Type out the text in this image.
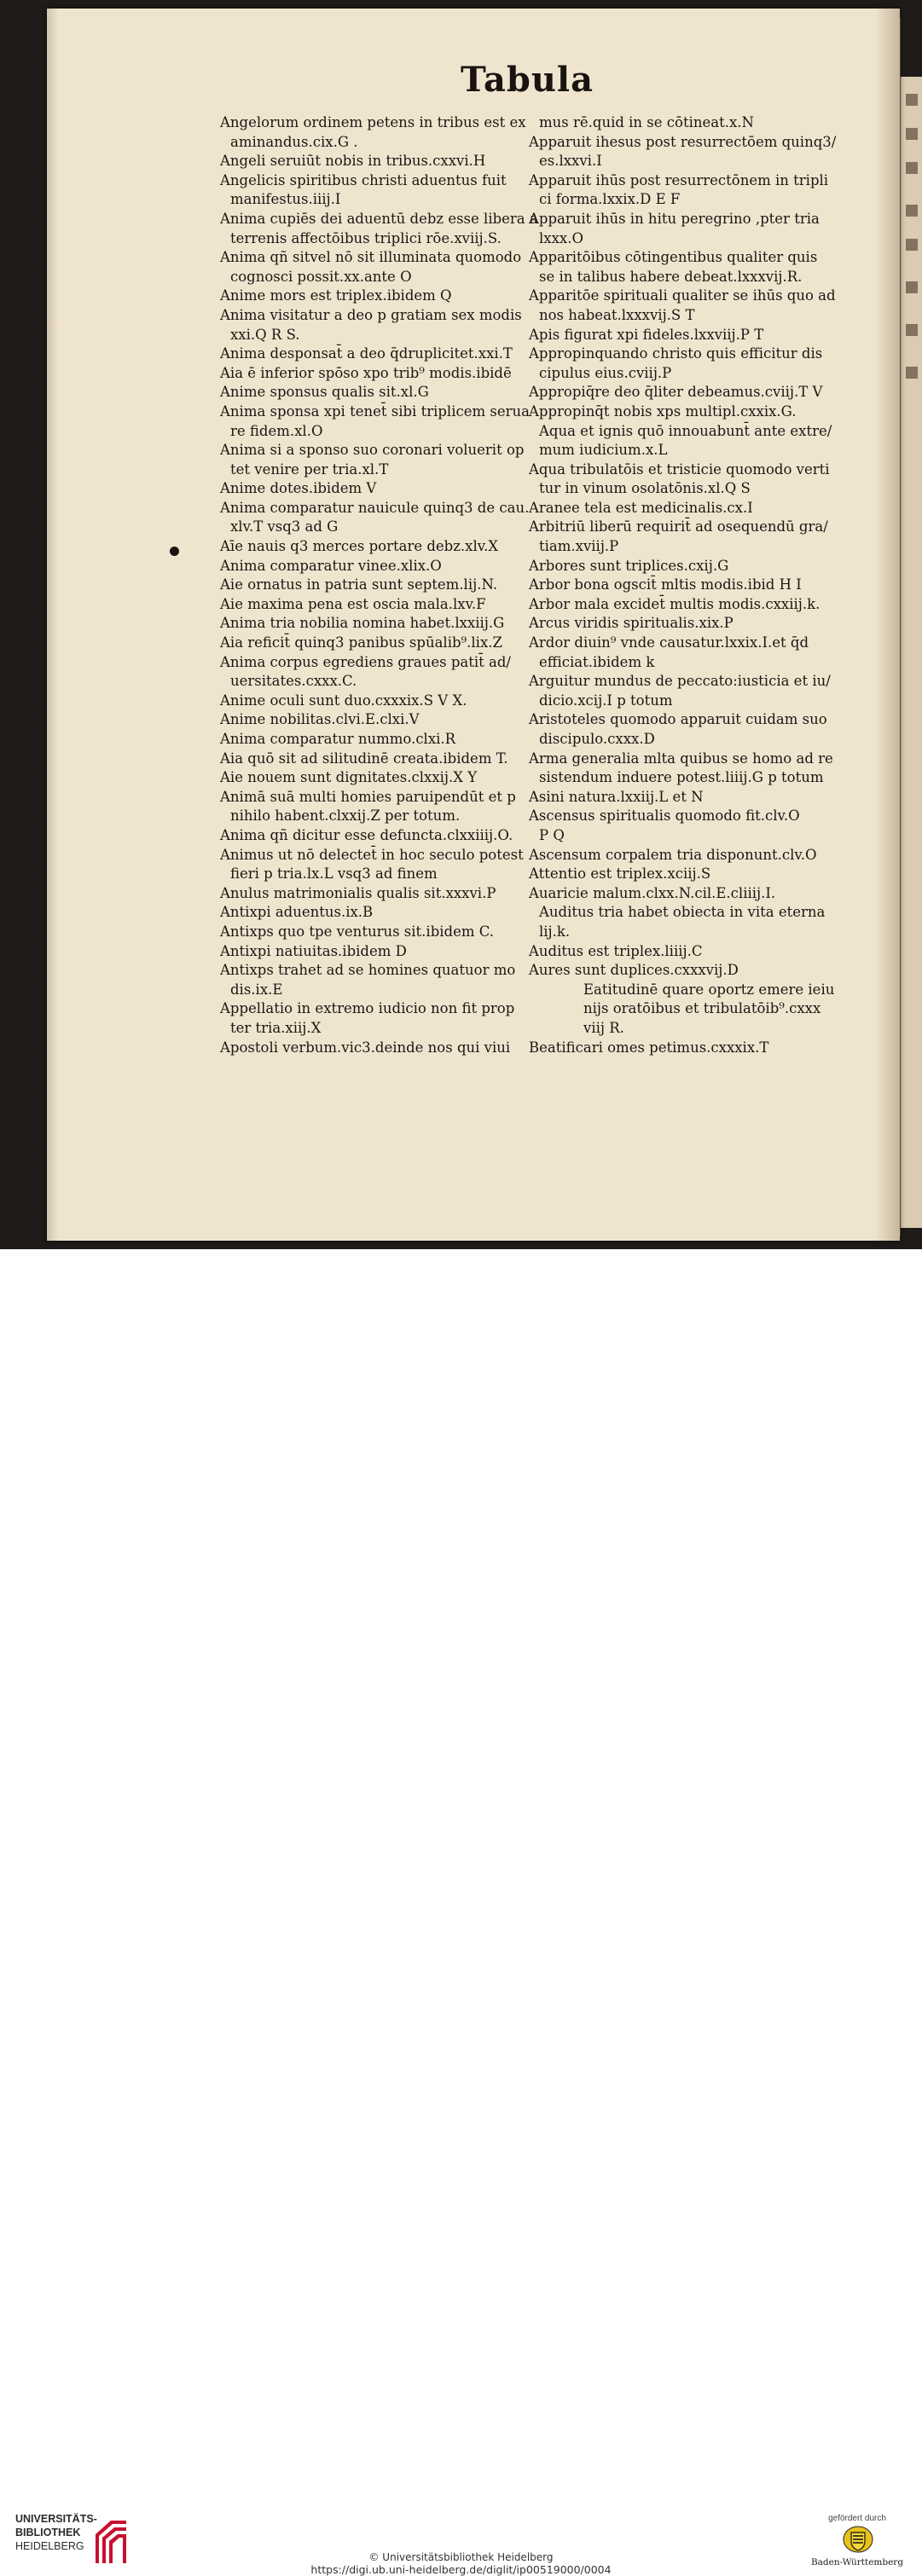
Tabula
Angelorum ordinem petens in tribus est ex
aminandus.cix.G .
Angeli seruiūt nobis in tribus.cxxvi.H
Angelicis spiritibus christi aduentus fuit
manifestus.iiij.I
Anima cupiēs dei aduentū debz esse libera a
terrenis affectōibus triplici rōe.xviij.S.
Anima qñ sitvel nō sit illuminata quomodo
cognosci possit.xx.ante O
Anime mors est triplex.ibidem Q
Anima visitatur a deo p gratiam sex modis
xxi.Q R S.
Anima desponsat̄ a deo q̄druplicitet.xxi.T
Aia ē inferior spōso xpo trib⁹ modis.ibidē
Anime sponsus qualis sit.xl.G
Anima sponsa xpi tenet̄ sibi triplicem serua
re fidem.xl.O
Anima si a sponso suo coronari voluerit op
tet venire per tria.xl.T
Anime dotes.ibidem V
Anima comparatur nauicule quinq3 de cau.
xlv.T vsq3 ad G
Aīe nauis q3 merces portare debz.xlv.X
Anima comparatur vinee.xlix.O
Aie ornatus in patria sunt septem.lij.N.
Aie maxima pena est oscia mala.lxv.F
Anima tria nobilia nomina habet.lxxiij.G
Aia reficit̄ quinq3 panibus spūalib⁹.lix.Z
Anima corpus egrediens graues patit̄ ad/
uersitates.cxxx.C.
Anime oculi sunt duo.cxxxix.S V X.
Anime nobilitas.clvi.E.clxi.V
Anima comparatur nummo.clxi.R
Aia quō sit ad silitudinē creata.ibidem T.
Aie nouem sunt dignitates.clxxij.X Y
Animā suā multi homies paruipendūt et p
nihilo habent.clxxij.Z per totum.
Anima qñ dicitur esse defuncta.clxxiiij.O.
Animus ut nō delectet̄ in hoc seculo potest
fieri p tria.lx.L vsq3 ad finem
Anulus matrimonialis qualis sit.xxxvi.P
Antixpi aduentus.ix.B
Antixps quo tpe venturus sit.ibidem C.
Antixpi natiuitas.ibidem D
Antixps trahet ad se homines quatuor mo
dis.ix.E
Appellatio in extremo iudicio non fit prop
ter tria.xiij.X
Apostoli verbum.vic3.deinde nos qui viui
mus rē.quid in se cōtineat.x.N
Apparuit ihesus post resurrectōem quinq3/
es.lxxvi.I
Apparuit ihūs post resurrectōnem in tripli
ci forma.lxxix.D E F
Apparuit ihūs in hitu peregrino ,pter tria
lxxx.O
Apparitōibus cōtingentibus qualiter quis
se in talibus habere debeat.lxxxvij.R.
Apparitōe spirituali qualiter se ihūs quo ad
nos habeat.lxxxvij.S T
Apis figurat xpi fideles.lxxviij.P T
Appropinquando christo quis efficitur dis
cipulus eius.cviij.P
Appropiq̄re deo q̄liter debeamus.cviij.T V
Appropinq̄t nobis xps multipl.cxxix.G.
Aqua et ignis quō innouabunt̄ ante extre/
mum iudicium.x.L
Aqua tribulatōis et tristicie quomodo verti
tur in vinum osolatōnis.xl.Q S
Aranee tela est medicinalis.cx.I
Arbitriū liberū requirit̄ ad osequendū gra/
tiam.xviij.P
Arbores sunt triplices.cxij.G
Arbor bona ogscit̄ mltis modis.ibid H I
Arbor mala excidet̄ multis modis.cxxiij.k.
Arcus viridis spiritualis.xix.P
Ardor diuin⁹ vnde causatur.lxxix.I.et q̄d
efficiat.ibidem k
Arguitur mundus de peccato:iusticia et iu/
dicio.xcij.I p totum
Aristoteles quomodo apparuit cuidam suo
discipulo.cxxx.D
Arma generalia mlta quibus se homo ad re
sistendum induere potest.liiij.G p totum
Asini natura.lxxiij.L et N
Ascensus spiritualis quomodo fit.clv.O
P Q
Ascensum corpalem tria disponunt.clv.O
Attentio est triplex.xciij.S
Auaricie malum.clxx.N.cil.E.cliiij.I.
Auditus tria habet obiecta in vita eterna
lij.k.
Auditus est triplex.liiij.C
Aures sunt duplices.cxxxvij.D
Eatitudinē quare oportz emere ieiu
nijs oratōibus et tribulatōib⁹.cxxx
viij R.
Beatificari omes petimus.cxxxix.T
UNIVERSITÄTS-
BIBLIOTHEK
HEIDELBERG
© Universitätsbibliothek Heidelberg
https://digi.ub.uni-heidelberg.de/diglit/ip00519000/0004
gefördert durch
Baden-Württemberg
